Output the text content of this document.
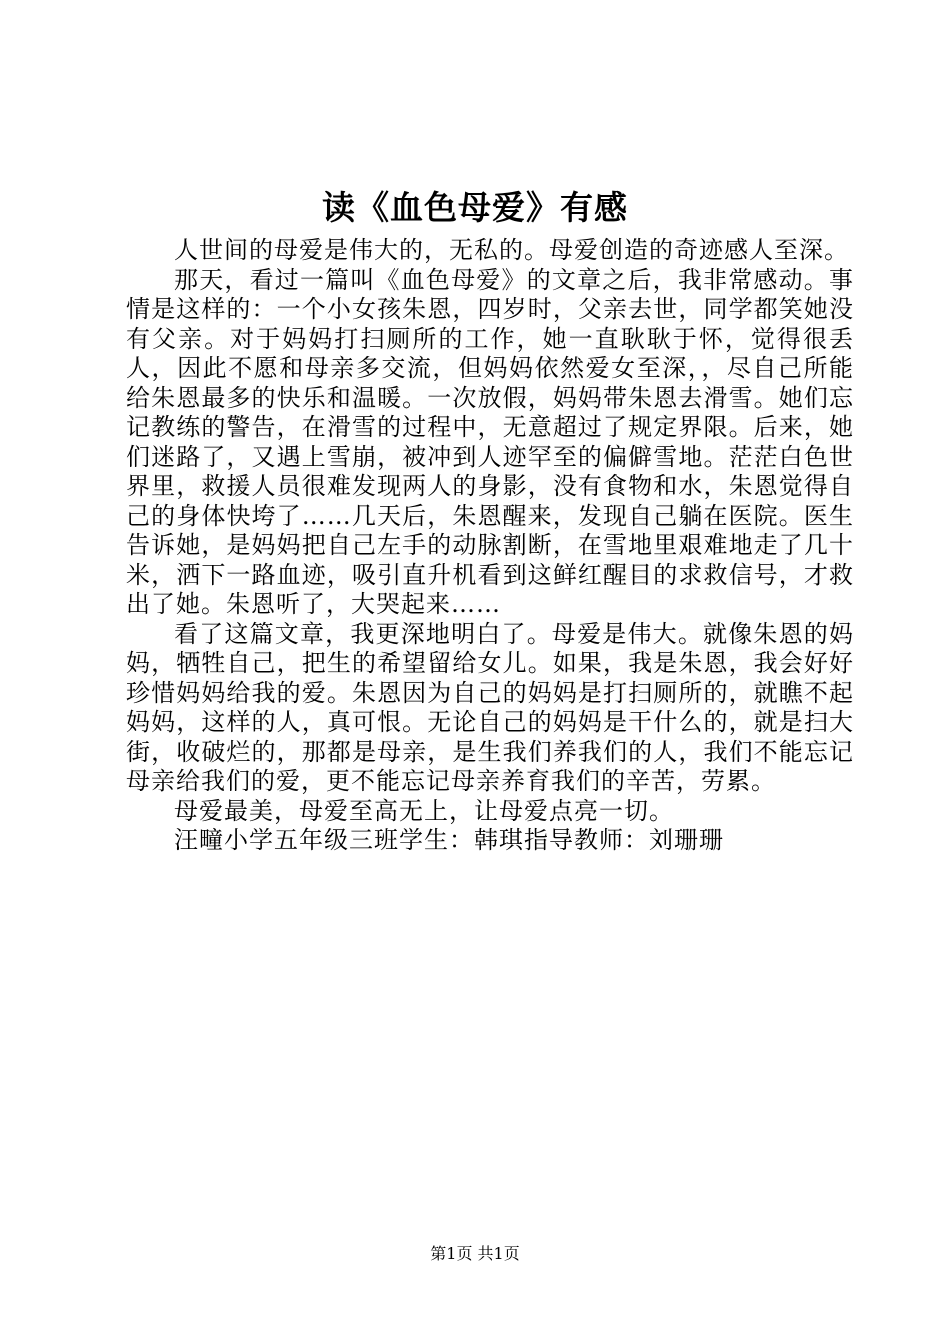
读《血色母爱》有感

人世间的母爱是伟大的，无私的。母爱创造的奇迹感人至深。

那天，看过一篇叫《血色母爱》的文章之后，我非常感动。事情是这样的：一个小女孩朱恩，四岁时，父亲去世，同学都笑她没有父亲。对于妈妈打扫厕所的工作，她一直耿耿于怀，觉得很丢人，因此不愿和母亲多交流，但妈妈依然爱女至深，，尽自己所能给朱恩最多的快乐和温暖。一次放假，妈妈带朱恩去滑雪。她们忘记教练的警告，在滑雪的过程中，无意超过了规定界限。后来，她们迷路了，又遇上雪崩，被冲到人迹罕至的偏僻雪地。茫茫白色世界里，救援人员很难发现两人的身影，没有食物和水，朱恩觉得自己的身体快垮了……几天后，朱恩醒来，发现自己躺在医院。医生告诉她，是妈妈把自己左手的动脉割断，在雪地里艰难地走了几十米，洒下一路血迹，吸引直升机看到这鲜红醒目的求救信号，才救出了她。朱恩听了，大哭起来……

看了这篇文章，我更深地明白了。母爱是伟大。就像朱恩的妈妈，牺牲自己，把生的希望留给女儿。如果，我是朱恩，我会好好珍惜妈妈给我的爱。朱恩因为自己的妈妈是打扫厕所的，就瞧不起妈妈，这样的人，真可恨。无论自己的妈妈是干什么的，就是扫大街，收破烂的，那都是母亲，是生我们养我们的人，我们不能忘记母亲给我们的爱，更不能忘记母亲养育我们的辛苦，劳累。

母爱最美，母爱至高无上，让母爱点亮一切。

汪疃小学五年级三班学生：韩琪指导教师：刘珊珊

第1页 共1页
